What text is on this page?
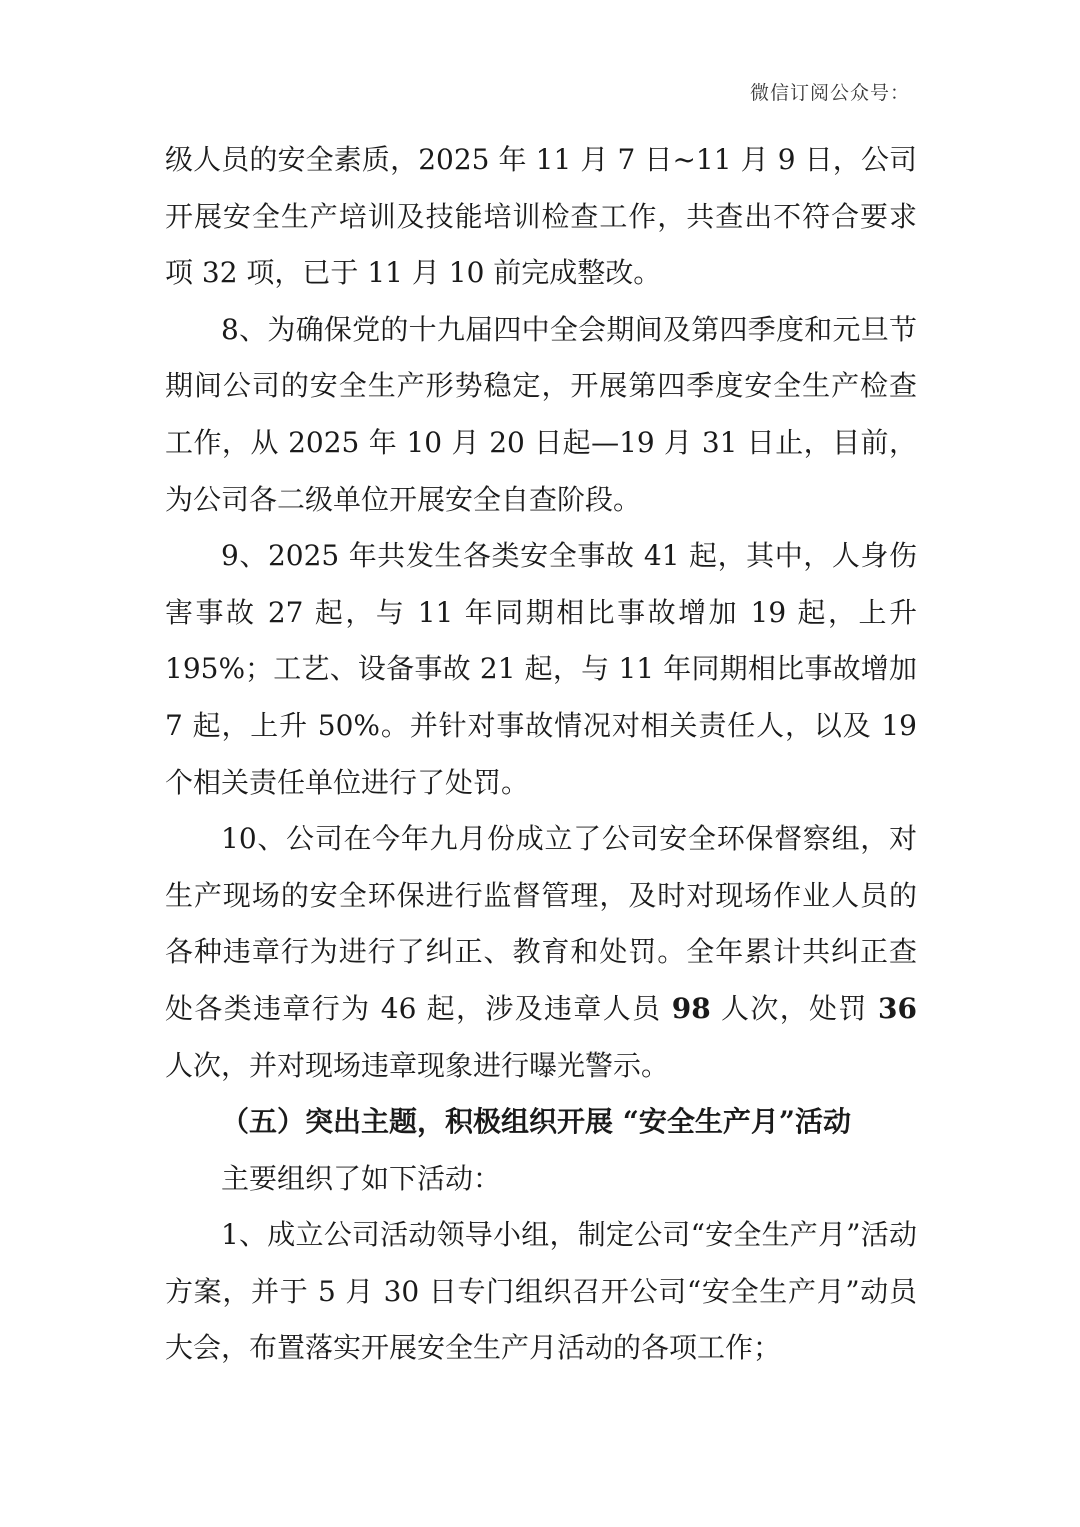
微信订阅公众号：

级人员的安全素质，2025 年 11 月 7 日~11 月 9 日，公司开展安全生产培训及技能培训检查工作，共查出不符合要求项 32 项，已于 11 月 10 前完成整改。

8、为确保党的十九届四中全会期间及第四季度和元旦节期间公司的安全生产形势稳定，开展第四季度安全生产检查工作，从 2025 年 10 月 20 日起—19 月 31 日止，目前，为公司各二级单位开展安全自查阶段。

9、2025 年共发生各类安全事故 41 起，其中，人身伤害事故 27 起，与 11 年同期相比事故增加 19 起，上升 195%；工艺、设备事故 21 起，与 11 年同期相比事故增加 7 起，上升 50%。并针对事故情况对相关责任人，以及 19 个相关责任单位进行了处罚。

10、公司在今年九月份成立了公司安全环保督察组，对生产现场的安全环保进行监督管理，及时对现场作业人员的各种违章行为进行了纠正、教育和处罚。全年累计共纠正查处各类违章行为 46 起，涉及违章人员 98 人次，处罚 36 人次，并对现场违章现象进行曝光警示。

（五）突出主题，积极组织开展 “安全生产月”活动

主要组织了如下活动：

1、成立公司活动领导小组，制定公司“安全生产月”活动方案，并于 5 月 30 日专门组织召开公司“安全生产月”动员大会，布置落实开展安全生产月活动的各项工作；
